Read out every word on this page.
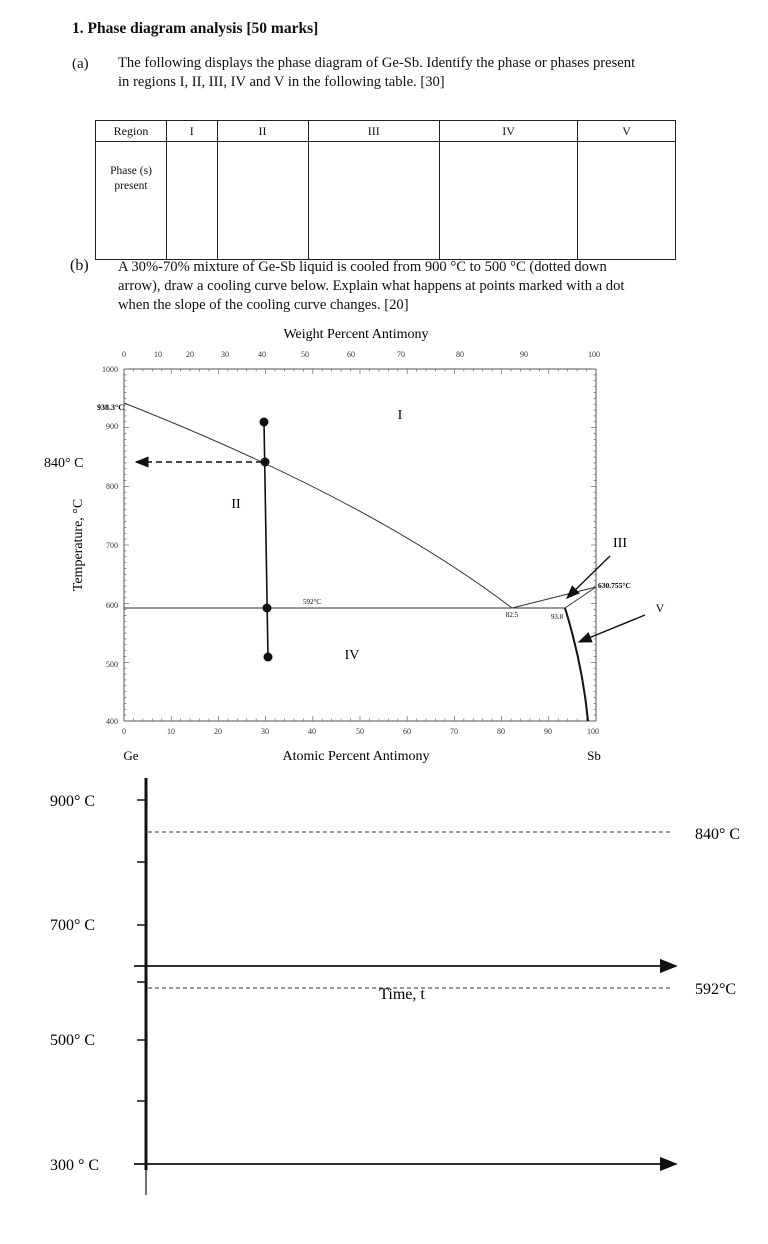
1. Phase diagram analysis [50 marks]
(a) The following displays the phase diagram of Ge-Sb. Identify the phase or phases present
in regions I, II, III, IV and V in the following table. [30]
Region	I	II	III	IV	V
Phase (s)
present					
(b) A 30%-70% mixture of Ge-Sb liquid is cooled from 900 °C to 500 °C (dotted down
arrow), draw a cooling curve below. Explain what happens at points marked with a dot
when the slope of the cooling curve changes. [20]
0	10	20	30	40	50	60	70	80	90	100
Weight Percent Antimony
0	10	20	30	40	50	60	70	80	90	100
Atomic Percent Antimony
Ge	Sb
1000
900
800
700
600
500
400
Temperature, °C
938.3°C
592°C
82.5	93.8
630.755°C
I
II
III
IV
V
840° C
900° C
700° C
500° C
300 ° C
840° C
592°C
Time, t
